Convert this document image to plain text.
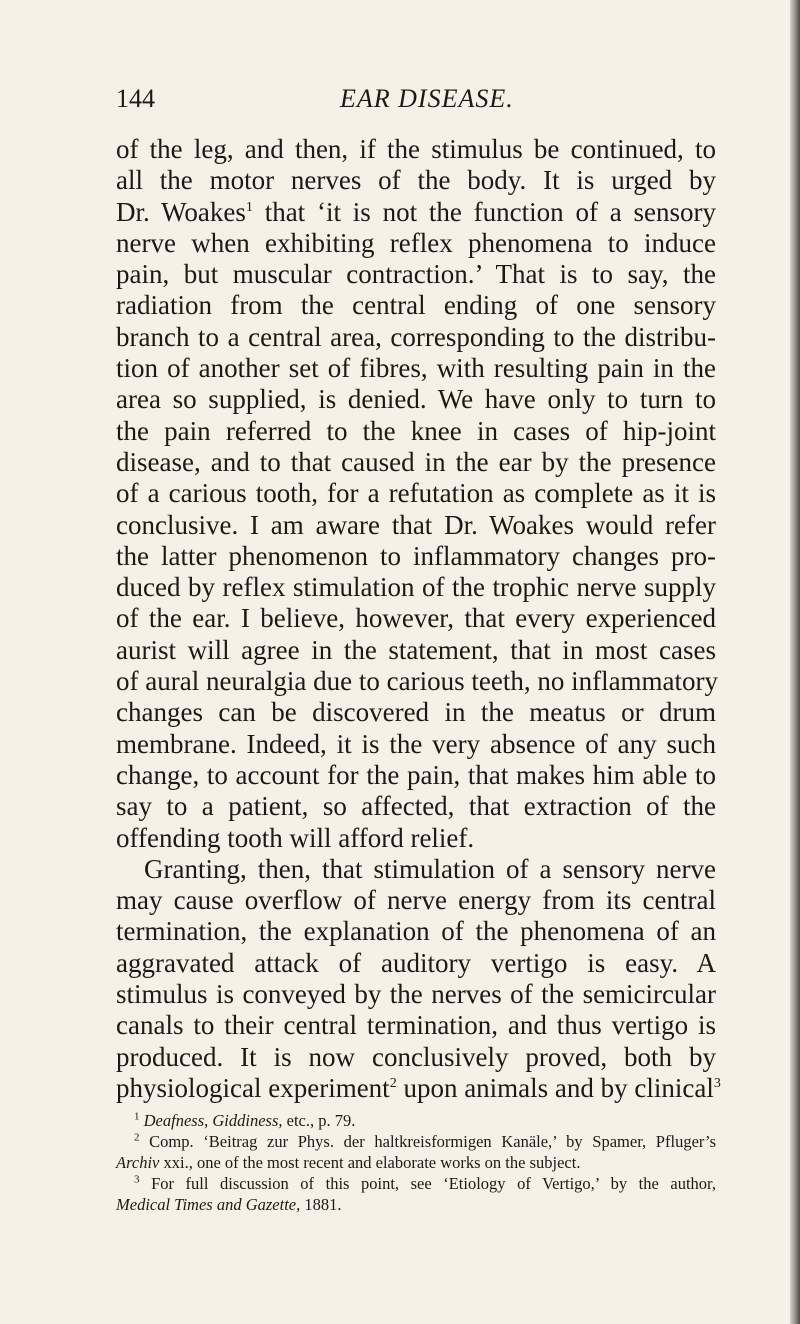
144	EAR DISEASE.
of the leg, and then, if the stimulus be continued, to
all the motor nerves of the body. It is urged by
Dr. Woakes$^1$ that ‘it is not the function of a sensory
nerve when exhibiting reflex phenomena to induce
pain, but muscular contraction.’ That is to say, the
radiation from the central ending of one sensory
branch to a central area, corresponding to the distribu-
tion of another set of fibres, with resulting pain in the
area so supplied, is denied. We have only to turn to
the pain referred to the knee in cases of hip-joint
disease, and to that caused in the ear by the presence
of a carious tooth, for a refutation as complete as it is
conclusive. I am aware that Dr. Woakes would refer
the latter phenomenon to inflammatory changes pro-
duced by reflex stimulation of the trophic nerve supply
of the ear. I believe, however, that every experienced
aurist will agree in the statement, that in most cases
of aural neuralgia due to carious teeth, no inflammatory
changes can be discovered in the meatus or drum
membrane. Indeed, it is the very absence of any such
change, to account for the pain, that makes him able to
say to a patient, so affected, that extraction of the
offending tooth will afford relief.
Granting, then, that stimulation of a sensory nerve
may cause overflow of nerve energy from its central
termination, the explanation of the phenomena of an
aggravated attack of auditory vertigo is easy. A
stimulus is conveyed by the nerves of the semicircular
canals to their central termination, and thus vertigo is
produced. It is now conclusively proved, both by
physiological experiment$^2$ upon animals and by clinical$^3$
$^1$ Deafness, Giddiness, etc., p. 79.
$^2$ Comp. ‘Beitrag zur Phys. der haltkreisformigen Kanäle,’ by Spamer, Pfluger’s
Archiv xxi., one of the most recent and elaborate works on the subject.
$^3$ For full discussion of this point, see ‘Etiology of Vertigo,’ by the author,
Medical Times and Gazette, 1881.
